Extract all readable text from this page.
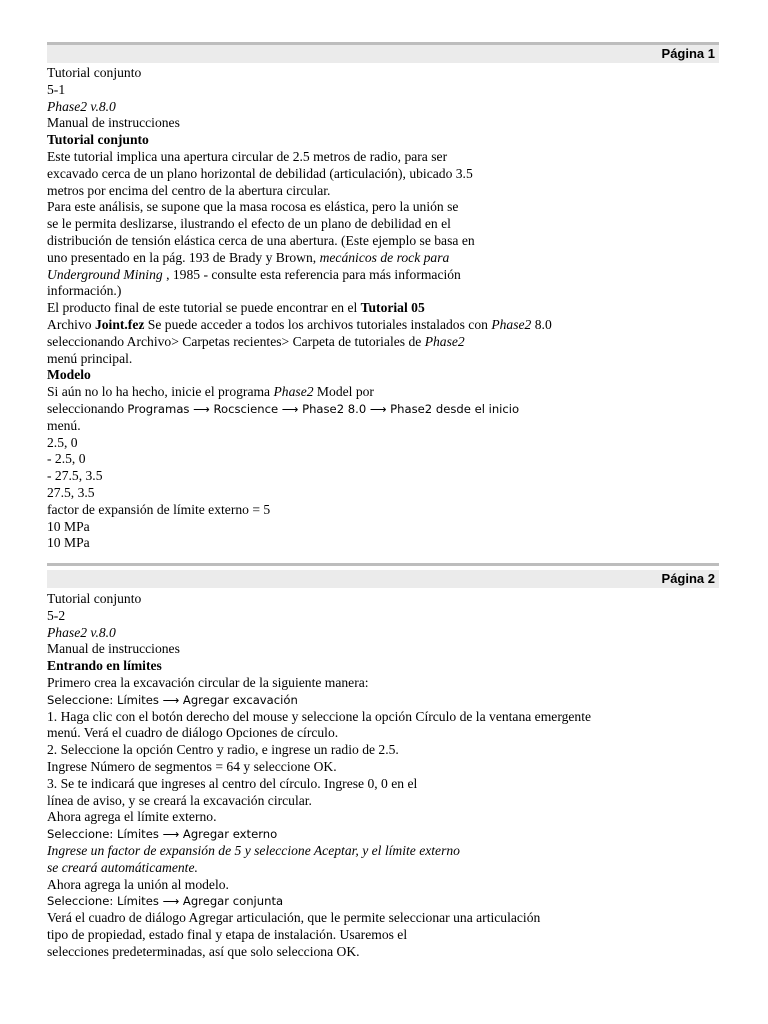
Página 1
Tutorial conjunto
5-1
Phase2 v.8.0
Manual de instrucciones
Tutorial conjunto
Este tutorial implica una apertura circular de 2.5 metros de radio, para ser
excavado cerca de un plano horizontal de debilidad (articulación), ubicado 3.5
metros por encima del centro de la abertura circular.
Para este análisis, se supone que la masa rocosa es elástica, pero la unión se
se le permita deslizarse, ilustrando el efecto de un plano de debilidad en el
distribución de tensión elástica cerca de una abertura. (Este ejemplo se basa en
uno presentado en la pág. 193 de Brady y Brown, mecánicos de rock para
Underground Mining , 1985 - consulte esta referencia para más información
información.)
El producto final de este tutorial se puede encontrar en el Tutorial 05
Archivo Joint.fez Se puede acceder a todos los archivos tutoriales instalados con Phase2 8.0
seleccionando Archivo> Carpetas recientes> Carpeta de tutoriales de Phase2
menú principal.
Modelo
Si aún no lo ha hecho, inicie el programa Phase2 Model por
seleccionando Programas ⟶ Rocscience ⟶ Phase2 8.0 ⟶ Phase2 desde el inicio
menú.
2.5, 0
- 2.5, 0
- 27.5, 3.5
27.5, 3.5
factor de expansión de límite externo = 5
10 MPa
10 MPa
Página 2
Tutorial conjunto
5-2
Phase2 v.8.0
Manual de instrucciones
Entrando en límites
Primero crea la excavación circular de la siguiente manera:
Seleccione: Límites ⟶ Agregar excavación
1. Haga clic con el botón derecho del mouse y seleccione la opción Círculo de la ventana emergente
menú. Verá el cuadro de diálogo Opciones de círculo.
2. Seleccione la opción Centro y radio, e ingrese un radio de 2.5.
Ingrese Número de segmentos = 64 y seleccione OK.
3. Se te indicará que ingreses al centro del círculo. Ingrese 0, 0 en el
línea de aviso, y se creará la excavación circular.
Ahora agrega el límite externo.
Seleccione: Límites ⟶ Agregar externo
Ingrese un factor de expansión de 5 y seleccione Aceptar, y el límite externo
se creará automáticamente.
Ahora agrega la unión al modelo.
Seleccione: Límites ⟶ Agregar conjunta
Verá el cuadro de diálogo Agregar articulación, que le permite seleccionar una articulación
tipo de propiedad, estado final y etapa de instalación. Usaremos el
selecciones predeterminadas, así que solo selecciona OK.
